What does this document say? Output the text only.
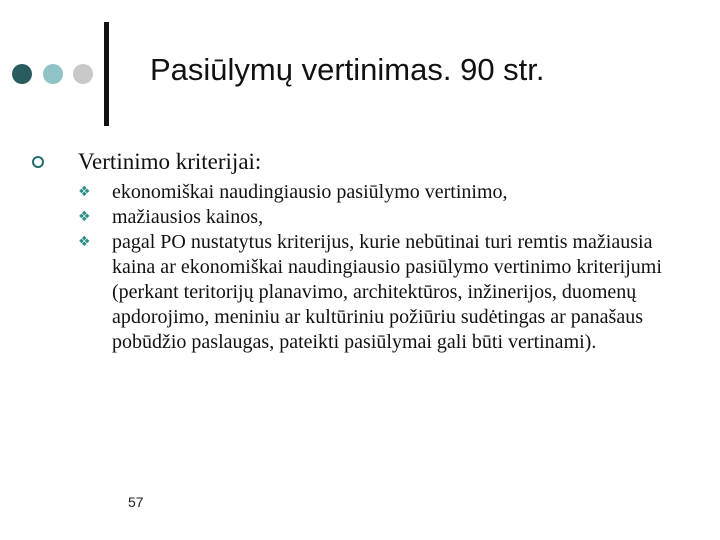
Pasiūlymų vertinimas. 90 str.
Vertinimo kriterijai:
❖ ekonomiškai naudingiausio pasiūlymo vertinimo,
❖ mažiausios kainos,
❖ pagal PO nustatytus kriterijus, kurie nebūtinai turi remtis mažiausia kaina ar ekonomiškai naudingiausio pasiūlymo vertinimo kriterijumi (perkant teritorijų planavimo, architektūros, inžinerijos, duomenų apdorojimo, meniniu ar kultūriniu požiūriu sudėtingas ar panašaus pobūdžio paslaugas, pateikti pasiūlymai gali būti vertinami).
57
